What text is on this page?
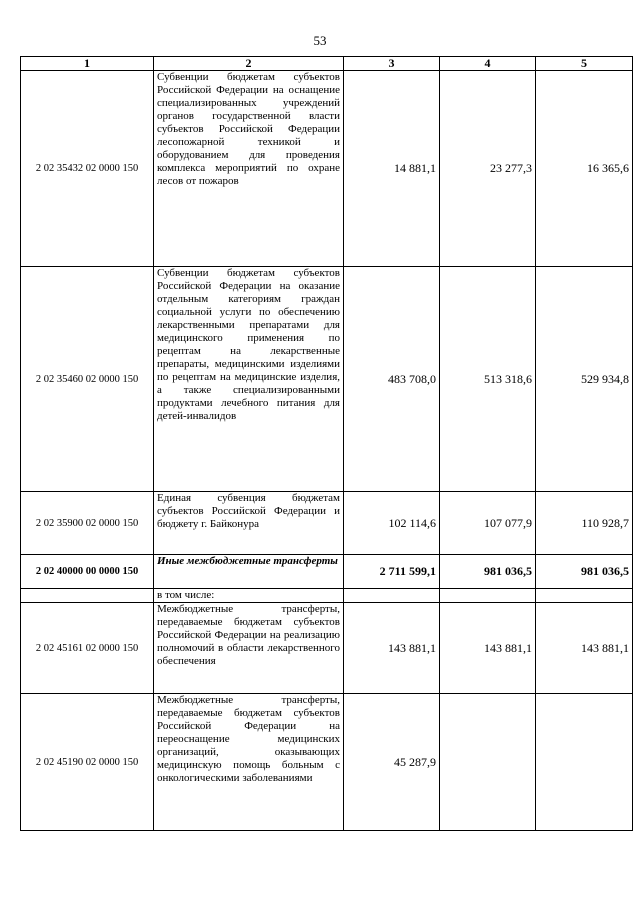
53
1	2	3	4	5
2 02 35432 02 0000 150	Субвенции бюджетам субъектов Российской Федерации на оснащение специализированных учреждений органов государственной власти субъектов Российской Федерации лесопожарной техникой и оборудованием для проведения комплекса мероприятий по охране лесов от пожаров	14 881,1	23 277,3	16 365,6
2 02 35460 02 0000 150	Субвенции бюджетам субъектов Российской Федерации на оказание отдельным категориям граждан социальной услуги по обеспечению лекарственными препаратами для медицинского применения по рецептам на лекарственные препараты, медицинскими изделиями по рецептам на медицинские изделия, а также специализированными продуктами лечебного питания для детей-инвалидов	483 708,0	513 318,6	529 934,8
2 02 35900 02 0000 150	Единая субвенция бюджетам субъектов Российской Федерации и бюджету г. Байконура	102 114,6	107 077,9	110 928,7
2 02 40000 00 0000 150	Иные межбюджетные трансферты	2 711 599,1	981 036,5	981 036,5
	в том числе:			
2 02 45161 02 0000 150	Межбюджетные трансферты, передаваемые бюджетам субъектов Российской Федерации на реализацию полномочий в области лекарственного обеспечения	143 881,1	143 881,1	143 881,1
2 02 45190 02 0000 150	Межбюджетные трансферты, передаваемые бюджетам субъектов Российской Федерации на переоснащение медицинских организаций, оказывающих медицинскую помощь больным с онкологическими заболеваниями	45 287,9		
